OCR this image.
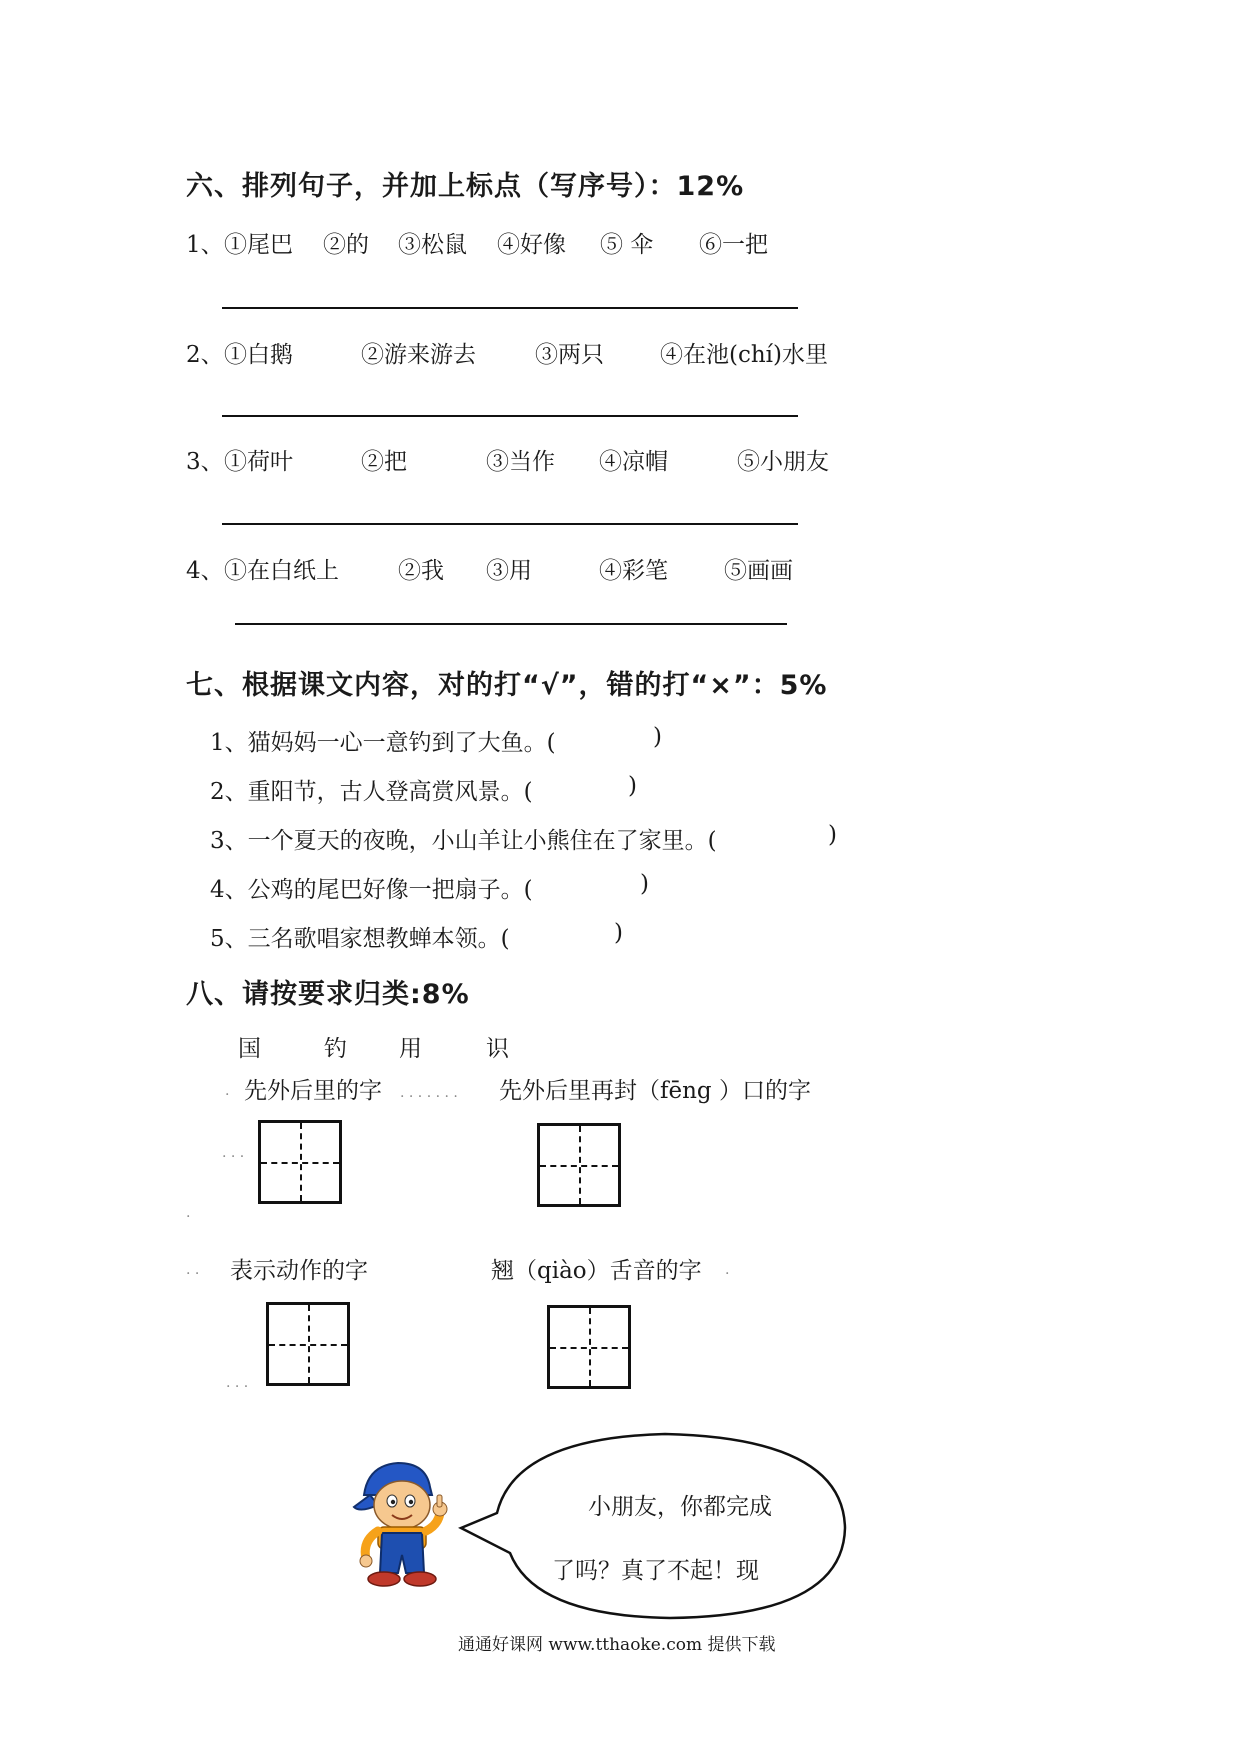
六、排列句子，并加上标点（写序号）：12%
1、 ①尾巴 ②的 ③松鼠 ④好像 ⑤ 伞 ⑥一把
2、 ①白鹅	②游来游去	③两只 ④在池(chí)水里
3、 ①荷叶	②把	③当作 ④凉帽	⑤小朋友
4、 ①在白纸上	②我 ③用	④彩笔 ⑤画画
七、根据课文内容，对的打“√”，错的打“×”：5%
1、猫妈妈一心一意钓到了大鱼。(	)
2、重阳节，古人登高赏风景。(	)
3、一个夏天的夜晚，小山羊让小熊住在了家里。(	)
4、公鸡的尾巴好像一把扇子。(	)
5、三名歌唱家想教蝉本领。(	)
八、请按要求归类:8%
国	钓 用	识
. 先外后里的字 . . . . . . . 先外后里再封（fēng ）口的字
. . .
.
. . 表示动作的字	翘（qiào）舌音的字 .
. . .
小朋友，你都完成
了吗？真了不起！现
通通好课网 www.tthaoke.com 提供下载
